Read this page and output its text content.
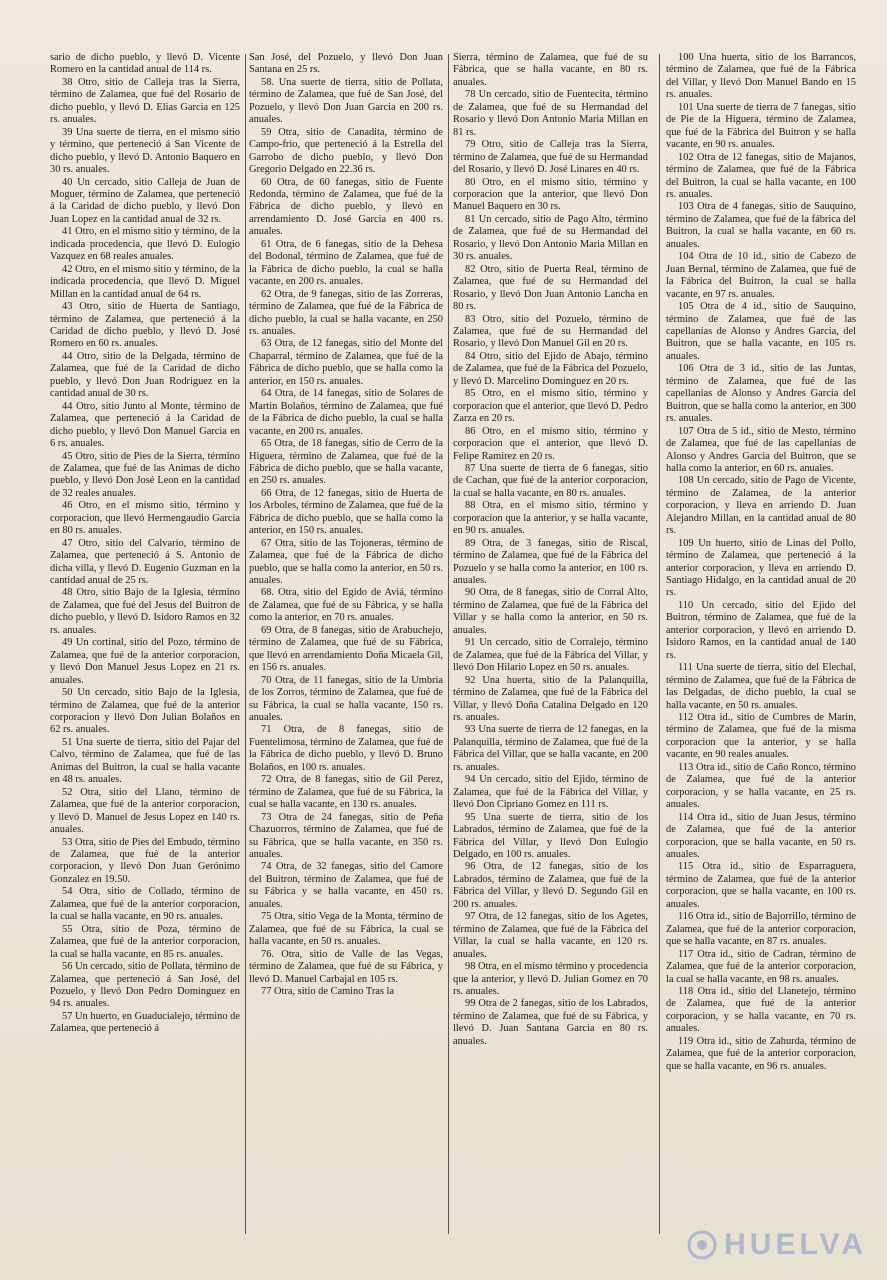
sario de dicho pueblo, y llevó D. Vicente Romero en la cantidad anual de 114 rs.

38 Otro, sitio de Calleja tras la Sierra, término de Zalamea, que fué del Rosario de dicho pueblo, y llevó D. Elias Garcia en 125 rs. anuales.

39 Una suerte de tierra, en el mismo sitio y término, que perteneció á San Vicente de dicho pueblo, y llevó D. Antonio Baquero en 30 rs. anuales.

40 Un cercado, sitio Calleja de Juan de Moguer, término de Zalamea, que perteneció á la Caridad de dicho pueblo, y llevó Don Juan Lopez en la cantidad anual de 32 rs.

41 Otro, en el mismo sitio y término, de la indicada procedencia, que llevó D. Eulogio Vazquez en 68 reales anuales.

42 Otro, en el mismo sitio y término, de la indicada procedencia, que llevó D. Miguel Millan en la cantidad anual de 64 rs.

43 Otro, sitio de Huerta de Santiago, término de Zalamea, que perteneció á la Caridad de dicho pueblo, y llevó D. José Romero en 60 rs. anuales.

44 Otro, sitio de la Delgada, término de Zalamea, que fué de la Caridad de dicho pueblo, y llevó Don Juan Rodriguez en la cantidad anual de 30 rs.

44 Otro, sitio Junto al Monte, término de Zalamea, que perteneció á la Caridad de dicho pueblo, y llevó Don Manuel Garcia en 6 rs. anuales.

45 Otro, sitio de Pies de la Sierra, término de Zalamea, que fué de las Animas de dicho pueblo, y llevó Don José Leon en la cantidad de 32 reales anuales.

46 Otro, en el mismo sitio, término y corporacion, que llevó Hermengaudio Garcia en 80 rs. anuales.

47 Otro, sitio del Calvario, término de Zalamea, que perteneció á S. Antonio de dicha villa, y llevó D. Eugenio Guzman en la cantidad anual de 25 rs.

48 Otro, sitio Bajo de la Iglesia, término de Zalamea, que fué del Jesus del Buitron de dicho pueblo, y llevó D. Isidoro Ramos en 32 rs. anuales.

49 Un cortinal, sitio del Pozo, término de Zalamea, que fué de la anterior corporacion, y llevó Don Manuel Jesus Lopez en 21 rs. anuales.

50 Un cercado, sitio Bajo de la Iglesia, término de Zalamea, que fué de la anterior corporacion y llevó Don Julian Bolaños en 62 rs. anuales.

51 Una suerte de tierra, sitio del Pajar del Calvo, término de Zalamea, que fué de las Animas del Buitron, la cual se halla vacante en 48 rs. anuales.

52 Otra, sitio del Llano, término de Zalamea, que fué de la anterior corporacion, y llevó D. Manuel de Jesus Lopez en 140 rs. anuales.

53 Otra, sitio de Pies del Embudo, término de Zalamea, que fué de la anterior corporacion, y llevó Don Juan Gerónimo Gonzalez en 19.50.

54 Otra, sitio de Collado, término de Zalamea, que fué de la anterior corporacion, la cual se halla vacante, en 90 rs. anuales.

55 Otra, sitio de Poza, término de Zalamea, que fué de la anterior corporacion, la cual se halla vacante, en 85 rs. anuales.

56 Un cercado, sitio de Pollata, término de Zalamea, que perteneció á San José, del Pozuelo, y llevó Don Pedro Dominguez en 94 rs. anuales.

57 Un huerto, en Guaducialejo, término de Zalamea, que perteneció á

San José, del Pozuelo, y llevó Don Juan Santana en 25 rs.

58. Una suerte de tierra, sitio de Pollata, término de Zalamea, que fué de San José, del Pozuelo, y llevó Don Juan Garcia en 200 rs. anuales.

59 Otra, sitio de Canadita, término de Campo-frio, que perteneció á la Estrella del Garrobo de dicho pueblo, y llevó Don Gregorio Delgado en 22.36 rs.

60 Otra, de 60 fanegas, sitio de Fuente Redonda, término de Zalamea, que fué de la Fábrica de dicho pueblo, y llevó en arrendamiento D. José Garcia en 400 rs. anuales.

61 Otra, de 6 fanegas, sitio de la Dehesa del Bodonal, término de Zalamea, que fué de la Fábrica de dicho pueblo, la cual se halla vacante, en 200 rs. anuales.

62 Otra, de 9 fanegas, sitio de las Zorreras, término de Zalamea, que fué de la Fábrica de dicho pueblo, la cual se halla vacante, en 250 rs. anuales.

63 Otra, de 12 fanegas, sitio del Monte del Chaparral, término de Zalamea, que fué de la Fábrica de dicho pueblo, que se halla como la anterior, en 150 rs. anuales.

64 Otra, de 14 fanegas, sitio de Solares de Martin Bolaños, término de Zalamea, que fué de la Fábrica de dicho pueblo, la cual se halla vacante, en 200 rs. anuales.

65 Otra, de 18 fanegas, sitio de Cerro de la Higuera, término de Zalamea, que fué de la Fábrica de dicho pueblo, que se halla vacante, en 250 rs. anuales.

66 Otra, de 12 fanegas, sitio de Huerta de los Arboles, término de Zalamea, que fué de la Fábrica de dicho pueblo, que se halla como la anterior, en 150 rs. anuales.

67 Otra, sitio de las Tojoneras, término de Zalamea, que fué de la Fábrica de dicho pueblo, que se halla como la anterior, en 50 rs. anuales.

68. Otra, sitio del Egido de Aviá, término de Zalamea, que fué de su Fábrica, y se halla como la anterior, en 70 rs. anuales.

69 Otra, de 8 fanegas, sitio de Arabuchejo, término de Zalamea, que fué de su Fábrica, que llevó en arrendamiento Doña Micaela Gil, en 156 rs. anuales.

70 Otra, de 11 fanegas, sitio de la Umbria de los Zorros, término de Zalamea, que fué de su Fábrica, la cual se halla vacante, 150 rs. anuales.

71 Otra, de 8 fanegas, sitio de Fuentelimosa, término de Zalamea, que fué de la Fábrica de dicho pueblo, y llevó D. Bruno Bolaños, en 100 rs. anuales.

72 Otra, de 8 fanegas, sitio de Gil Perez, término de Zalamea, que fué de su Fábrica, la cual se halla vacante, en 130 rs. anuales.

73 Otra de 24 fanegas, sitio de Peña Chazuorros, término de Zalamea, que fué de su Fábrica, que se halla vacante, en 350 rs. anuales.

74 Otra, de 32 fanegas, sitio del Camore del Buitron, término de Zalamea, que fué de su Fábrica y se halla vacante, en 450 rs. anuales.

75 Otra, sitio Vega de la Monta, término de Zalamea, que fué de su Fábrica, la cual se halla vacante, en 50 rs. anuales.

76. Otra, sitio de Valle de las Vegas, término de Zalamea, que fué de su Fábrica, y llevó D. Manuel Carbajal en 105 rs.

77 Otra, sitio de Camino Tras la

Sierra, término de Zalamea, que fué de su Fábrica, que se halla vacante, en 80 rs. anuales.

78 Un cercado, sitio de Fuentecita, término de Zalamea, que fué de su Hermandad del Rosario y llevó Don Antonio Maria Millan en 81 rs.

79 Otro, sitio de Calleja tras la Sierra, término de Zalamea, que fué de su Hermandad del Rosario, y llevó D. José Linares en 40 rs.

80 Otro, en el mismo sitio, término y corporacion que la anterior, que llevó Don Manuel Baquero en 30 rs.

81 Un cercado, sitio de Pago Alto, término de Zalamea, que fué de su Hermandad del Rosario, y llevó Don Antonio Maria Millan en 30 rs. anuales.

82 Otro, sitio de Puerta Real, término de Zalamea, que fué de su Hermandad del Rosario, y llevó Don Juan Antonio Lancha en 80 rs.

83 Otro, sitio del Pozuelo, término de Zalamea, que fué de su Hermandad del Rosario, y llevó Don Manuel Gil en 20 rs.

84 Otro, sitio del Ejido de Abajo, término de Zalamea, que fué de la Fábrica del Pozuelo, y llevó D. Marcelino Dominguez en 20 rs.

85 Otro, en el mismo sitio, término y corporacion que el anterior, que llevó D. Pedro Zarza en 20 rs.

86 Otro, en el mismo sitio, término y corporacion que el anterior, que llevó D. Felipe Ramirez en 20 rs.

87 Una suerte de tierra de 6 fanegas, sitio de Cachan, que fué de la anterior corporacion, la cual se halla vacante, en 80 rs. anuales.

88 Otra, en el mismo sitio, término y corporacion que la anterior, y se halla vacante, en 90 rs. anuales.

89 Otra, de 3 fanegas, sitio de Riscal, término de Zalamea, que fué de la Fábrica del Pozuelo y se halla como la anterior, en 100 rs. anuales.

90 Otra, de 8 fanegas, sitio de Corral Alto, término de Zalamea, que fué de la Fábrica del Villar y se halla como la anterior, en 50 rs. anuales.

91 Un cercado, sitio de Corralejo, término de Zalamea, que fué de la Fábrica del Villar, y llevó Don Hilario Lopez en 50 rs. anuales.

92 Una huerta, sitio de la Palanquilla, término de Zalamea, que fué de la Fábrica del Villar, y llevó Doña Catalina Delgado en 120 rs. anuales.

93 Una suerte de tierra de 12 fanegas, en la Palanquilla, término de Zalamea, que fué de la Fábrica del Villar, que se halla vacante, en 200 rs. anuales.

94 Un cercado, sitio del Ejido, término de Zalamea, que fué de la Fábrica del Villar, y llevó Don Cipriano Gomez en 111 rs.

95 Una suerte de tierra, sitio de los Labrados, término de Zalamea, que fué de la Fábrica del Villar, y llevó Don Eulogio Delgado, en 100 rs. anuales.

96 Otra, de 12 fanegas, sitio de los Labrados, término de Zalamea, que fué de la Fábrica del Villar, y llevó D. Segundo Gil en 200 rs. anuales.

97 Otra, de 12 fanegas, sitio de los Agetes, término de Zalamea, que fué de la Fábrica del Villar, la cual se halla vacante, en 120 rs. anuales.

98 Otra, en el mismo término y procedencia que la anterior, y llevó D. Julian Gomez en 70 rs. anuales.

99 Otra de 2 fanegas, sitio de los Labrados, término de Zalamea, que fué de su Fábrica, y llevó D. Juan Santana Garcia en 80 rs. anuales.

100 Una huerta, sitio de los Barrancos, término de Zalamea, que fué de la Fábrica del Villar, y llevó Don Manuel Bando en 15 rs. anuales.

101 Una suerte de tierra de 7 fanegas, sitio de Pie de la Higuera, término de Zalamea, que fué de la Fábrica del Buitron y se halla vacante, en 90 rs. anuales.

102 Otra de 12 fanegas, sitio de Majanos, término de Zalamea, que fué de la Fábrica del Buitron, la cual se halla vacante, en 100 rs. anuales.

103 Otra de 4 fanegas, sitio de Sauquino, término de Zalamea, que fué de la fábrica del Buitron, la cual se halla vacante, en 60 rs. anuales.

104 Otra de 10 id., sitio de Cabezo de Juan Bernal, término de Zalamea, que fué de la Fábrica del Buitron, la cual se halla vacante, en 97 rs. anuales.

105 Otra de 4 id., sitio de Sauquino, término de Zalamea, que fué de las capellanías de Alonso y Andres Garcia, del Buitron, que se halla vacante, en 105 rs. anuales.

106 Otra de 3 id., sitio de las Juntas, término de Zalamea, que fué de las capellanías de Alonso y Andres Garcia del Buitron, que se halla como la anterior, en 300 rs. anuales.

107 Otra de 5 id., sitio de Mesto, término de Zalamea, que fué de las capellanías de Alonso y Andres Garcia del Buitron, que se halla como la anterior, en 60 rs. anuales.

108 Un cercado, sitio de Pago de Vicente, término de Zalamea, de la anterior corporacion, y lleva en arriendo D. Juan Alejandro Millan, en la cantidad anual de 80 rs.

109 Un huerto, sitio de Linas del Pollo, término de Zalamea, que perteneció á la anterior corporacion, y lleva en arriendo D. Santiago Hidalgo, en la cantidad anual de 20 rs.

110 Un cercado, sitio del Ejido del Buitron, término de Zalamea, que fué de la anterior corporacion, y llevó en arriendo D. Isidoro Ramos, en la cantidad anual de 140 rs.

111 Una suerte de tierra, sitio del Elechal, término de Zalamea, que fué de la Fábrica de las Delgadas, de dicho pueblo, la cual se halla vacante, en 50 rs. anuales.

112 Otra id., sitio de Cumbres de Marin, término de Zalamea, que fué de la misma corporacion que la anterior, y se halla vacante, en 90 reales anuales.

113 Otra id., sitio de Caño Ronco, término de Zalamea, que fué de la anterior corporacion, y se halla vacante, en 25 rs. anuales.

114 Otra id., sitio de Juan Jesus, término de Zalamea, que fué de la anterior corporacion, que se halla vacante, en 50 rs. anuales.

115 Otra id., sitio de Esparraguera, término de Zalamea, que fué de la anterior corporacion, que se halla vacante, en 100 rs. anuales.

116 Otra id., sitio de Bajorrillo, término de Zalamea, que fué de la anterior corporacion, que se halla vacante, en 87 rs. anuales.

117 Otra id., sitio de Cadran, término de Zalamea, que fué de la anterior corporacion, la cual se halla vacante, en 98 rs. anuales.

118 Otra id., sitio del Llanetejo, término de Zalamea, que fué de la anterior corporacion, y se halla vacante, en 70 rs. anuales.

119 Otra id., sitio de Zahurda, término de Zalamea, que fué de la anterior corporacion, que se halla vacante, en 96 rs. anuales.

HUELVA
